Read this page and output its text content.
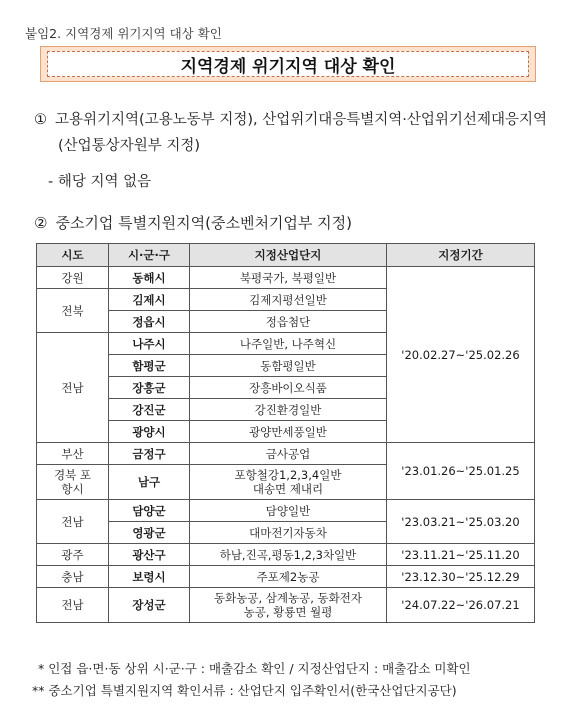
붙임2. 지역경제 위기지역 대상 확인
지역경제 위기지역 대상 확인
① 고용위기지역(고용노동부 지정), 산업위기대응특별지역·산업위기선제대응지역
(산업통상자원부 지정)
- 해당 지역 없음
② 중소기업 특별지원지역(중소벤처기업부 지정)
시도	시·군·구	지정산업단지	지정기간
강원	동해시	북평국가, 북평일반	'20.02.27~'25.02.26
전북	김제시	김제지평선일반	
	정읍시	정읍첨단	
전남	나주시	나주일반, 나주혁신	
	함평군	동함평일반	
	장흥군	장흥바이오식품	
	강진군	강진환경일반	
	광양시	광양만세풍일반	
부산	금정구	금사공업	'23.01.26~'25.01.25
경북 포항시	남구	포항철강1,2,3,4일반 대송면 제내리	
전남	담양군	담양일반	'23.03.21~'25.03.20
	영광군	대마전기자동차	
광주	광산구	하남,진곡,평동1,2,3차일반	'23.11.21~'25.11.20
충남	보령시	주포제2농공	'23.12.30~'25.12.29
전남	장성군	동화농공, 삼계농공, 동화전자농공, 황룡면 월평	'24.07.22~'26.07.21
* 인접 읍·면·동 상위 시·군·구 : 매출감소 확인 / 지정산업단지 : 매출감소 미확인
** 중소기업 특별지원지역 확인서류 : 산업단지 입주확인서(한국산업단지공단)
